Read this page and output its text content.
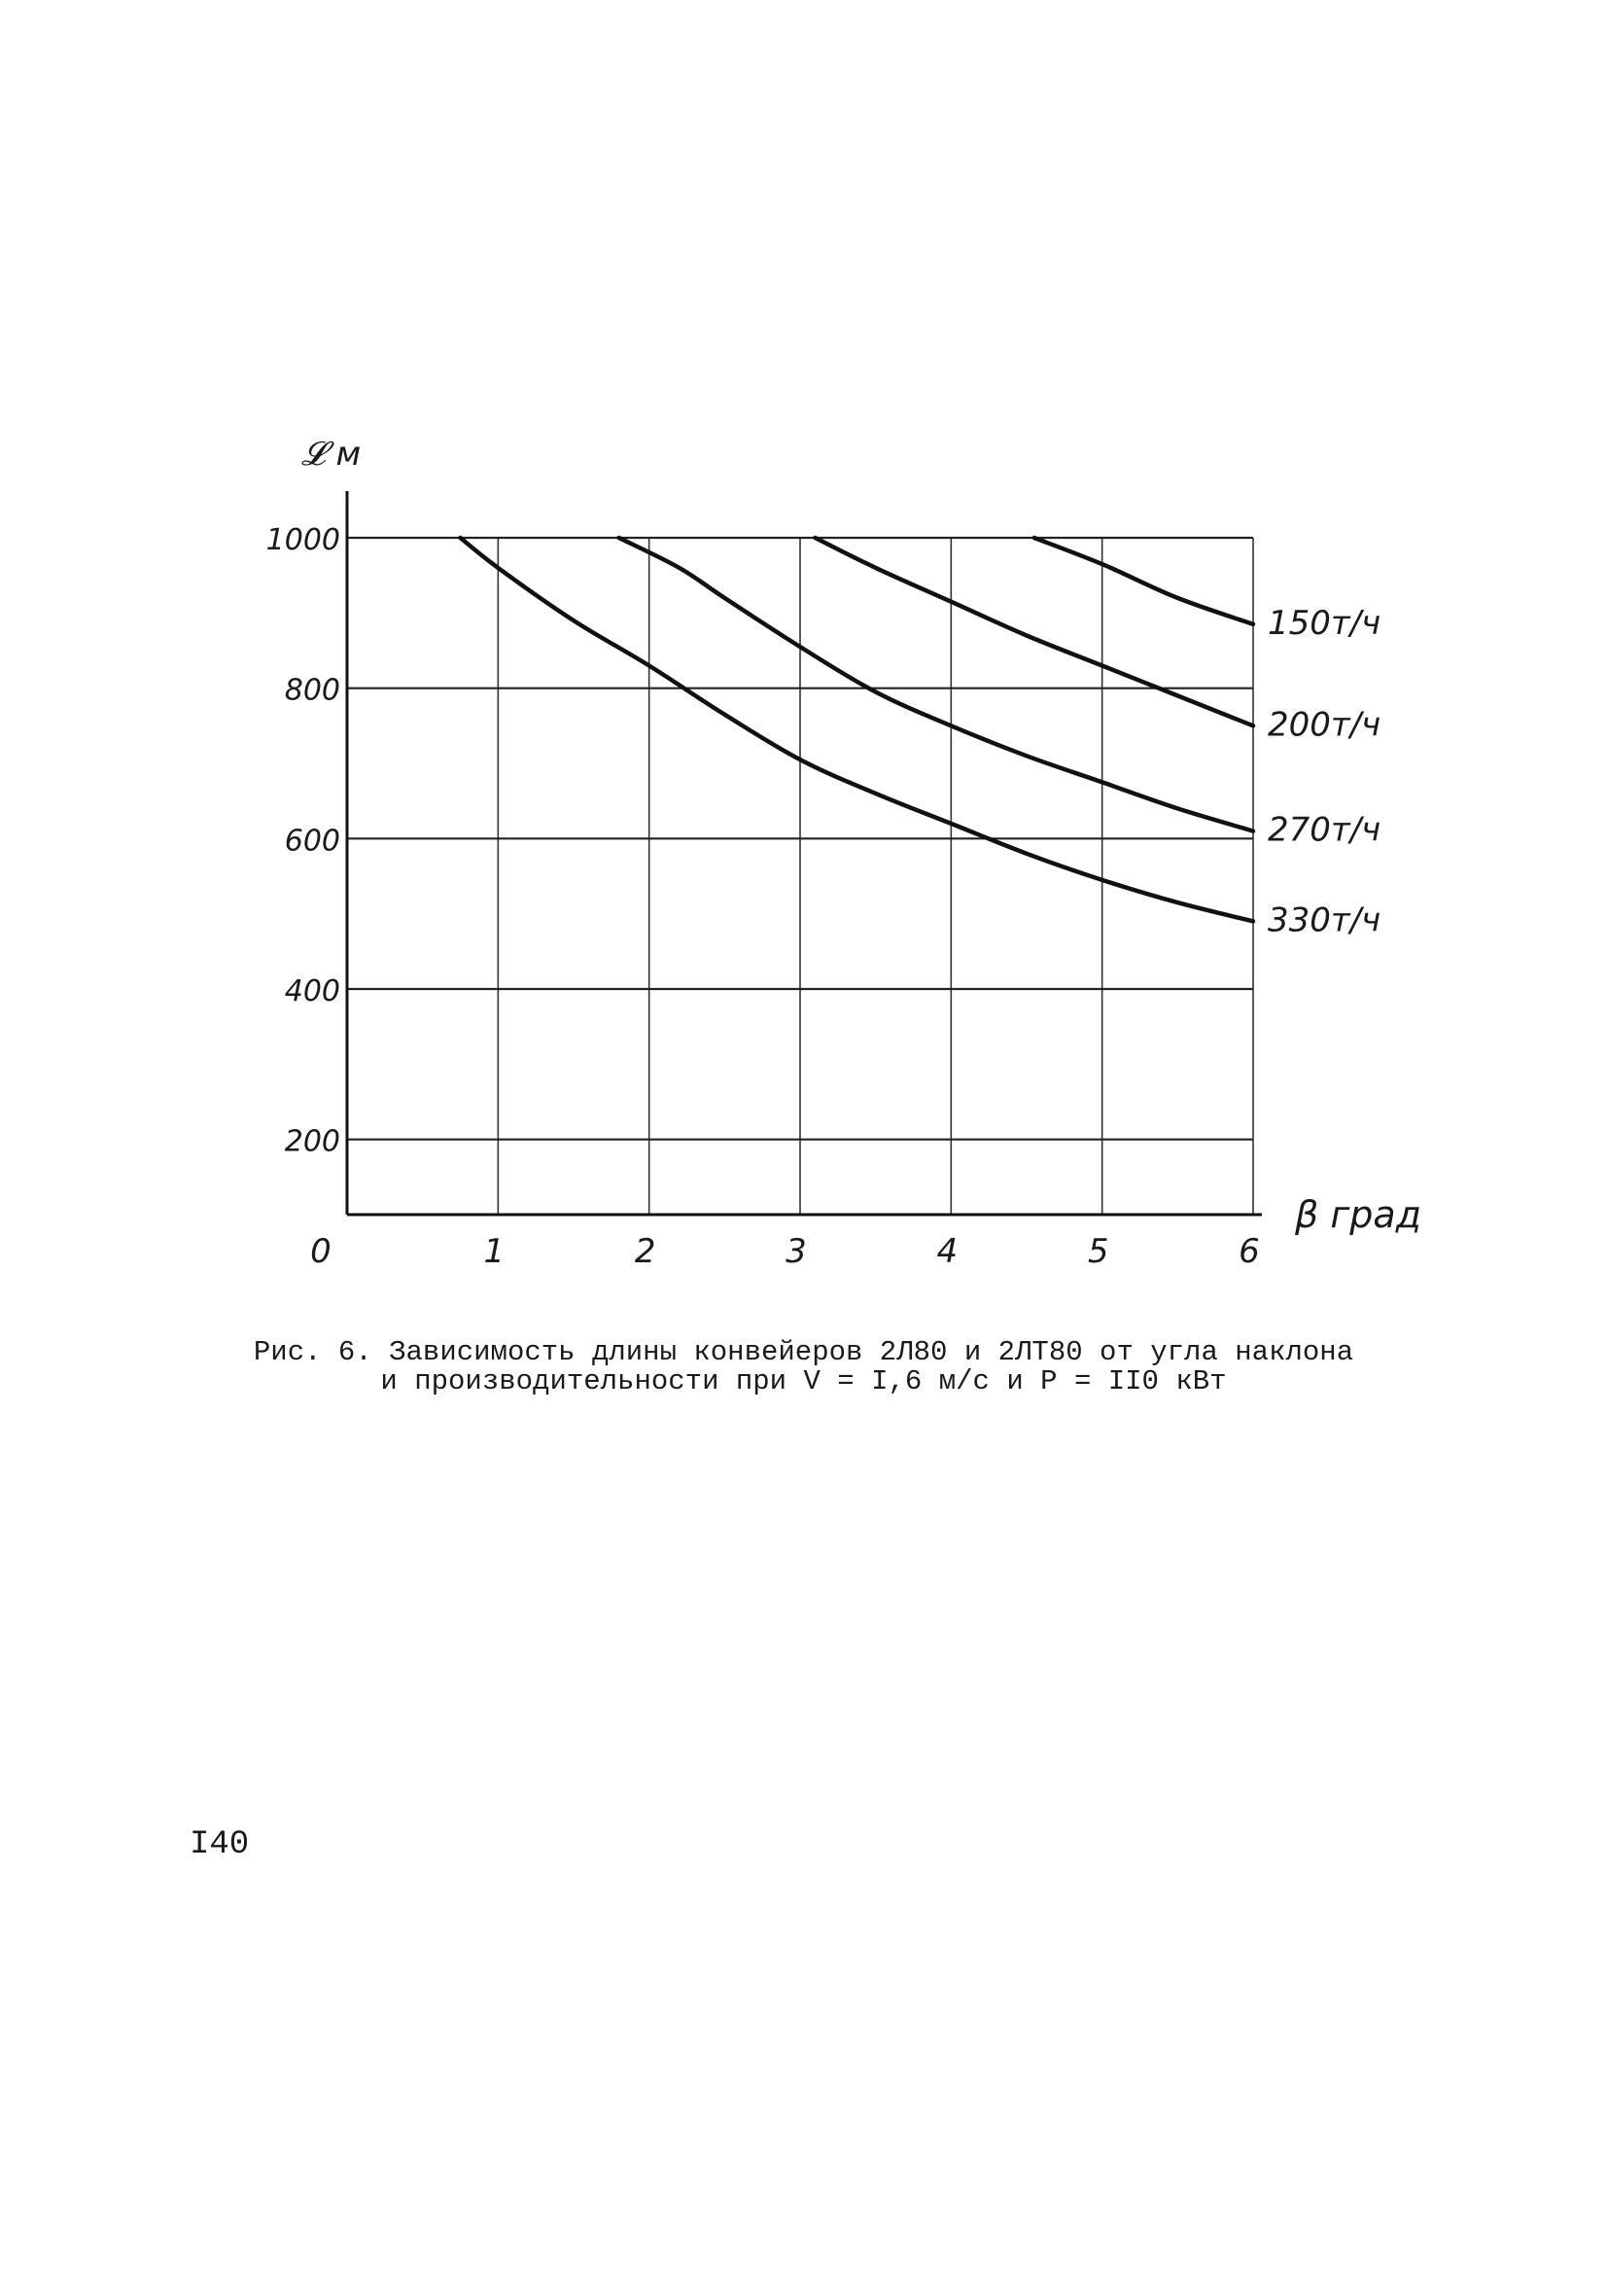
0	1	2	3	4	5	6
200
400
600
800
1000
𝓛 м
β град
150т/ч
200т/ч
270т/ч
330т/ч
Рис. 6. Зависимость длины конвейеров 2Л80 и 2ЛТ80 от угла наклона
и производительности при V = I,6 м/с и P = II0 кВт
I40
